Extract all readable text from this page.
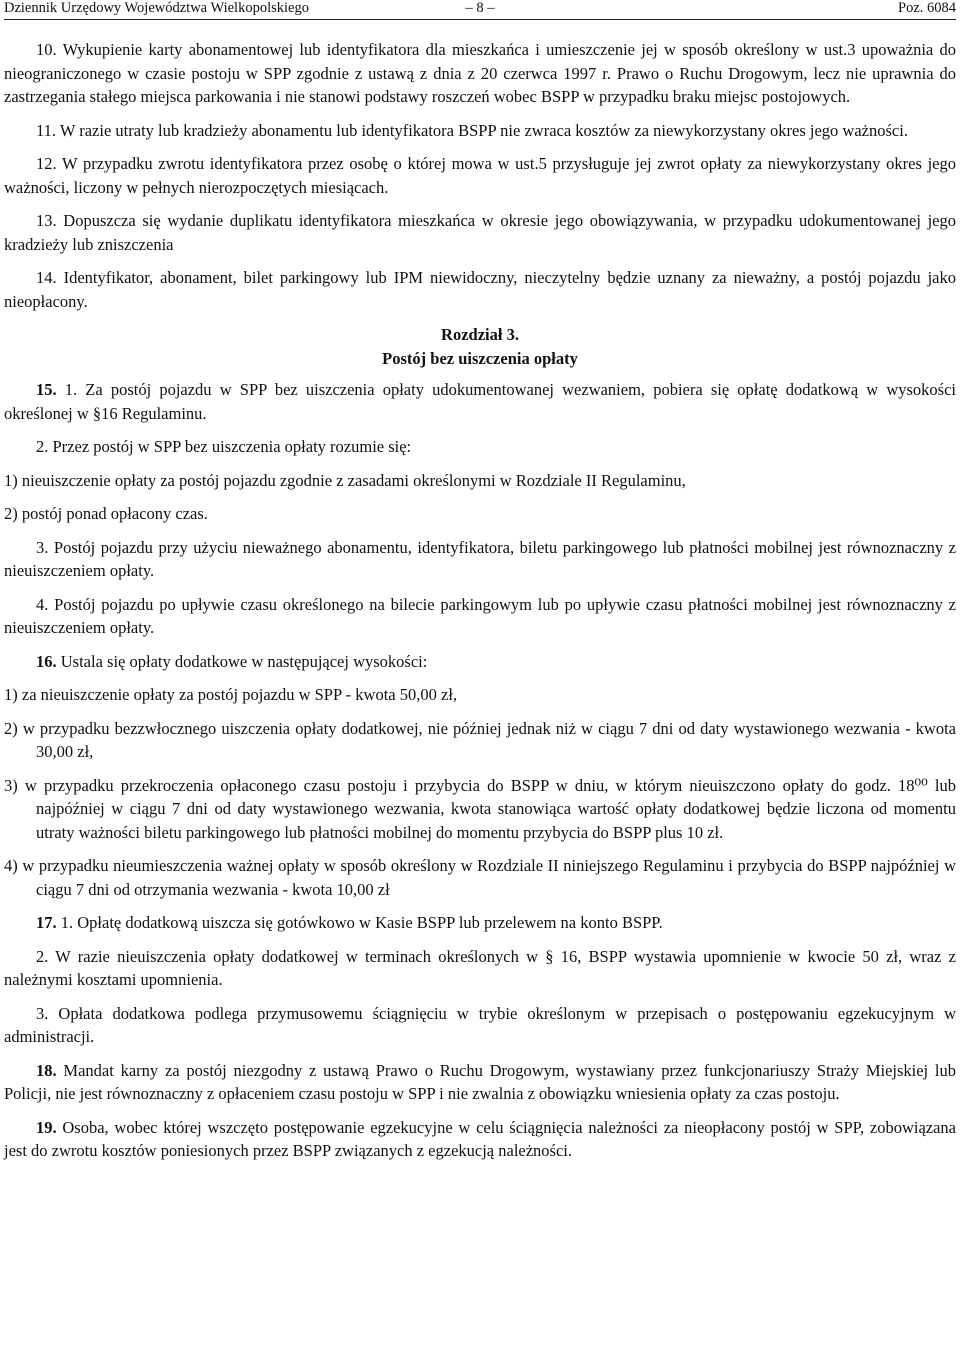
Dziennik Urzędowy Województwa Wielkopolskiego	– 8 –	Poz. 6084

10. Wykupienie karty abonamentowej lub identyfikatora dla mieszkańca i umieszczenie jej w sposób określony w ust.3 upoważnia do nieograniczonego w czasie postoju w SPP zgodnie z ustawą z dnia z 20 czerwca 1997 r. Prawo o Ruchu Drogowym, lecz nie uprawnia do zastrzegania stałego miejsca parkowania i nie stanowi podstawy roszczeń wobec BSPP w przypadku braku miejsc postojowych.

11. W razie utraty lub kradzieży abonamentu lub identyfikatora BSPP nie zwraca kosztów za niewykorzystany okres jego ważności.

12. W przypadku zwrotu identyfikatora przez osobę o której mowa w ust.5 przysługuje jej zwrot opłaty za niewykorzystany okres jego ważności, liczony w pełnych nierozpoczętych miesiącach.

13. Dopuszcza się wydanie duplikatu identyfikatora mieszkańca w okresie jego obowiązywania, w przypadku udokumentowanej jego kradzieży lub zniszczenia

14. Identyfikator, abonament, bilet parkingowy lub IPM niewidoczny, nieczytelny będzie uznany za nieważny, a postój pojazdu jako nieopłacony.

Rozdział 3.
Postój bez uiszczenia opłaty

15. 1. Za postój pojazdu w SPP bez uiszczenia opłaty udokumentowanej wezwaniem, pobiera się opłatę dodatkową w wysokości określonej w §16 Regulaminu.

2. Przez postój w SPP bez uiszczenia opłaty rozumie się:

1) nieuiszczenie opłaty za postój pojazdu zgodnie z zasadami określonymi w Rozdziale II Regulaminu,

2) postój ponad opłacony czas.

3. Postój pojazdu przy użyciu nieważnego abonamentu, identyfikatora, biletu parkingowego lub płatności mobilnej jest równoznaczny z nieuiszczeniem opłaty.

4. Postój pojazdu po upływie czasu określonego na bilecie parkingowym lub po upływie czasu płatności mobilnej jest równoznaczny z nieuiszczeniem opłaty.

16. Ustala się opłaty dodatkowe w następującej wysokości:

1) za nieuiszczenie opłaty za postój pojazdu w SPP - kwota 50,00 zł,

2) w przypadku bezzwłocznego uiszczenia opłaty dodatkowej, nie później jednak niż w ciągu 7 dni od daty wystawionego wezwania - kwota 30,00 zł,

3) w przypadku przekroczenia opłaconego czasu postoju i przybycia do BSPP w dniu, w którym nieuiszczono opłaty do godz. 18⁰⁰ lub najpóźniej w ciągu 7 dni od daty wystawionego wezwania, kwota stanowiąca wartość opłaty dodatkowej będzie liczona od momentu utraty ważności biletu parkingowego lub płatności mobilnej do momentu przybycia do BSPP plus 10 zł.

4) w przypadku nieumieszczenia ważnej opłaty w sposób określony w Rozdziale II niniejszego Regulaminu i przybycia do BSPP najpóźniej w ciągu 7 dni od otrzymania wezwania - kwota 10,00 zł

17. 1. Opłatę dodatkową uiszcza się gotówkowo w Kasie BSPP lub przelewem na konto BSPP.

2. W razie nieuiszczenia opłaty dodatkowej w terminach określonych w § 16, BSPP wystawia upomnienie w kwocie 50 zł, wraz z należnymi kosztami upomnienia.

3. Opłata dodatkowa podlega przymusowemu ściągnięciu w trybie określonym w przepisach o postępowaniu egzekucyjnym w administracji.

18. Mandat karny za postój niezgodny z ustawą Prawo o Ruchu Drogowym, wystawiany przez funkcjonariuszy Straży Miejskiej lub Policji, nie jest równoznaczny z opłaceniem czasu postoju w SPP i nie zwalnia z obowiązku wniesienia opłaty za czas postoju.

19. Osoba, wobec której wszczęto postępowanie egzekucyjne w celu ściągnięcia należności za nieopłacony postój w SPP, zobowiązana jest do zwrotu kosztów poniesionych przez BSPP związanych z egzekucją należności.
